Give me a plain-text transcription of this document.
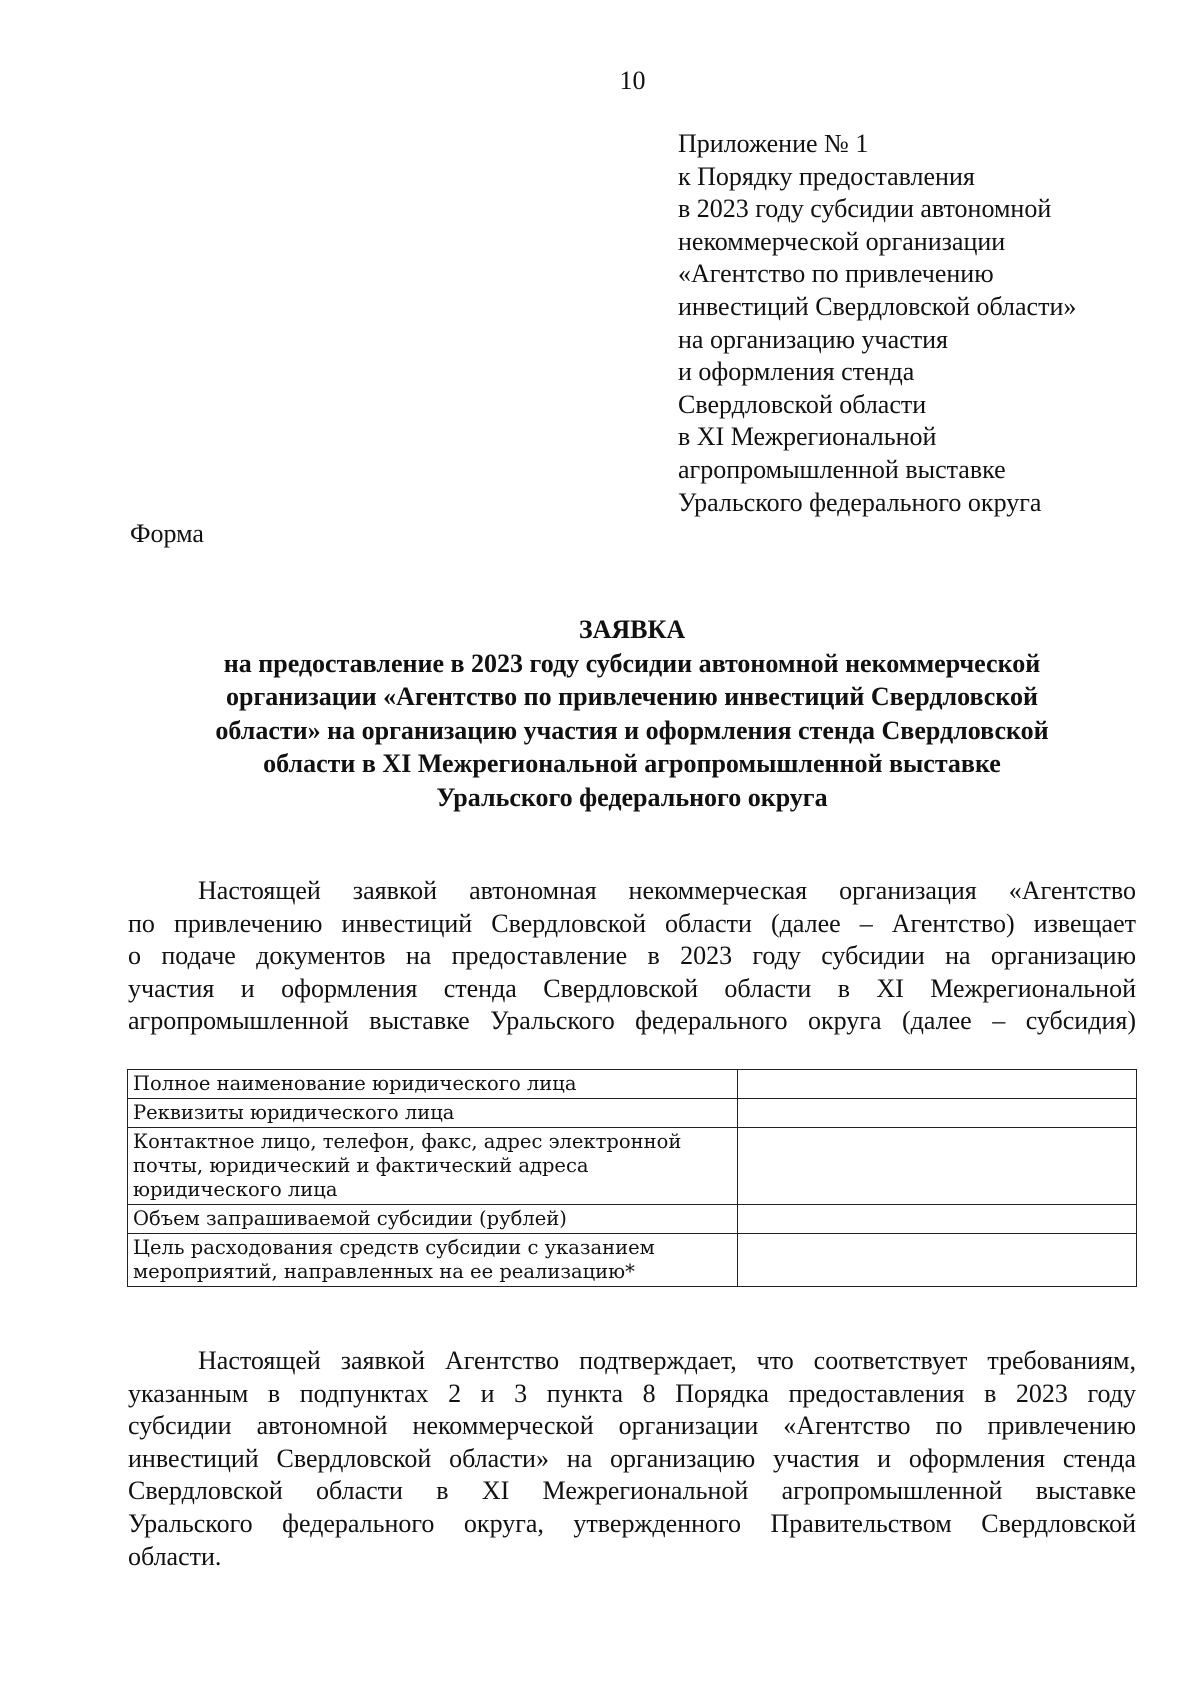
10
Приложение № 1
к Порядку предоставления
в 2023 году субсидии автономной
некоммерческой организации
«Агентство по привлечению
инвестиций Свердловской области»
на организацию участия
и оформления стенда
Свердловской области
в XI Межрегиональной
агропромышленной выставке
Уральского федерального округа
Форма
ЗАЯВКА
на предоставление в 2023 году субсидии автономной некоммерческой
организации «Агентство по привлечению инвестиций Свердловской
области» на организацию участия и оформления стенда Свердловской
области в XI Межрегиональной агропромышленной выставке
Уральского федерального округа
Настоящей заявкой автономная некоммерческая организация «Агентство
по привлечению инвестиций Свердловской области (далее – Агентство) извещает
о подаче документов на предоставление в 2023 году субсидии на организацию
участия и оформления стенда Свердловской области в XI Межрегиональной
агропромышленной выставке Уральского федерального округа (далее – субсидия)
Полное наименование юридического лица	

Реквизиты юридического лица	

Контактное лицо, телефон, факс, адрес электронной
почты, юридический и фактический адреса
юридического лица	

Объем запрашиваемой субсидии (рублей)	

Цель расходования средств субсидии с указанием
мероприятий, направленных на ее реализацию*	

Настоящей заявкой Агентство подтверждает, что соответствует требованиям,
указанным в подпунктах 2 и 3 пункта 8 Порядка предоставления в 2023 году
субсидии автономной некоммерческой организации «Агентство по привлечению
инвестиций Свердловской области» на организацию участия и оформления стенда
Свердловской области в XI Межрегиональной агропромышленной выставке
Уральского федерального округа, утвержденного Правительством Свердловской
области.
